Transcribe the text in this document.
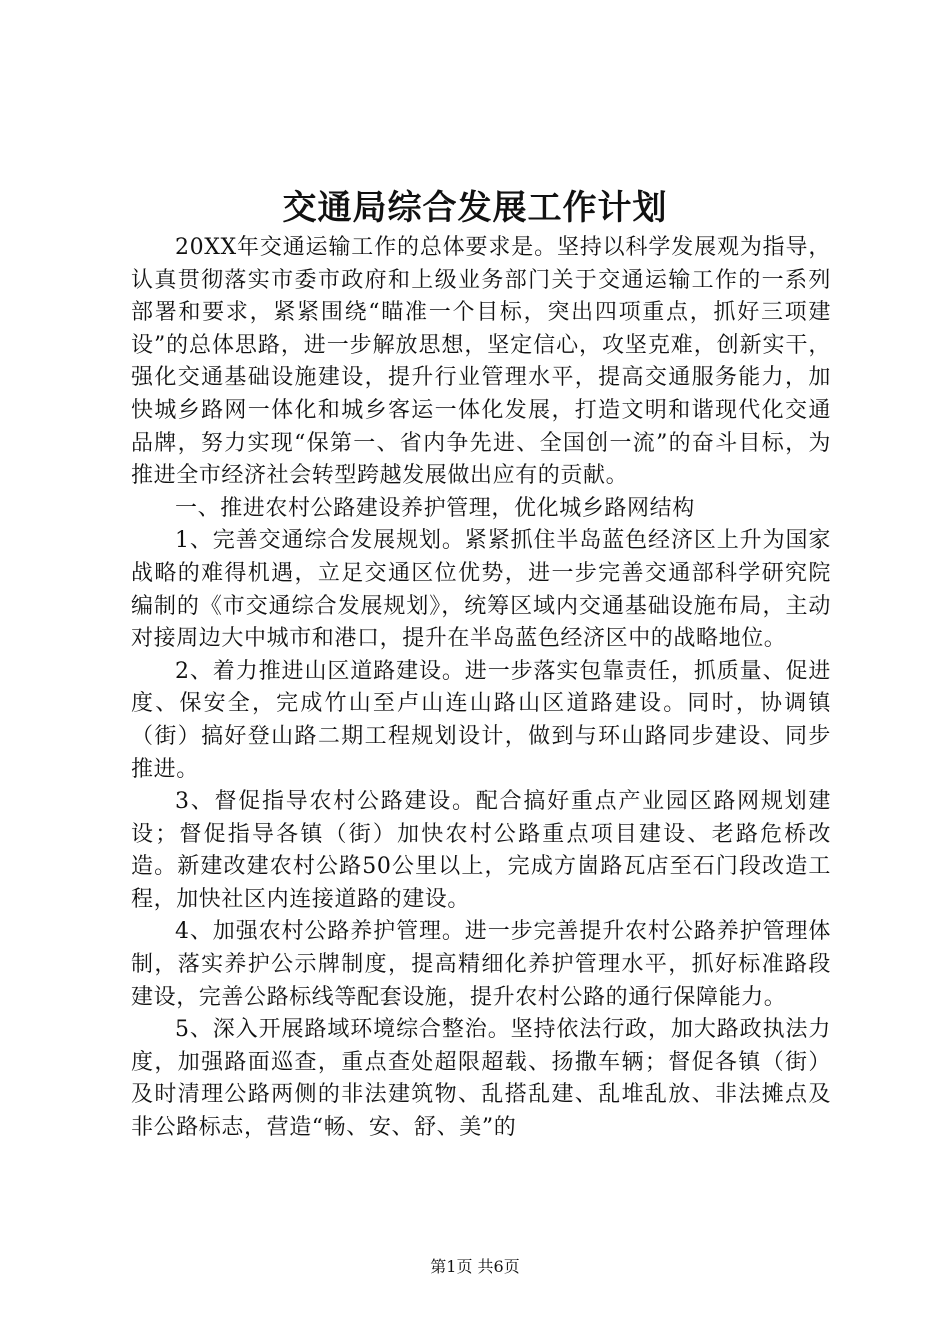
交通局综合发展工作计划

20XX年交通运输工作的总体要求是。坚持以科学发展观为指导，认真贯彻落实市委市政府和上级业务部门关于交通运输工作的一系列部署和要求，紧紧围绕“瞄准一个目标，突出四项重点，抓好三项建设”的总体思路，进一步解放思想，坚定信心，攻坚克难，创新实干，强化交通基础设施建设，提升行业管理水平，提高交通服务能力，加快城乡路网一体化和城乡客运一体化发展，打造文明和谐现代化交通品牌，努力实现“保第一、省内争先进、全国创一流”的奋斗目标，为推进全市经济社会转型跨越发展做出应有的贡献。

一、推进农村公路建设养护管理，优化城乡路网结构

1、完善交通综合发展规划。紧紧抓住半岛蓝色经济区上升为国家战略的难得机遇，立足交通区位优势，进一步完善交通部科学研究院编制的《市交通综合发展规划》，统筹区域内交通基础设施布局，主动对接周边大中城市和港口，提升在半岛蓝色经济区中的战略地位。

2、着力推进山区道路建设。进一步落实包靠责任，抓质量、促进度、保安全，完成竹山至卢山连山路山区道路建设。同时，协调镇（街）搞好登山路二期工程规划设计，做到与环山路同步建设、同步推进。

3、督促指导农村公路建设。配合搞好重点产业园区路网规划建设；督促指导各镇（街）加快农村公路重点项目建设、老路危桥改造。新建改建农村公路50公里以上，完成方崮路瓦店至石门段改造工程，加快社区内连接道路的建设。

4、加强农村公路养护管理。进一步完善提升农村公路养护管理体制，落实养护公示牌制度，提高精细化养护管理水平，抓好标准路段建设，完善公路标线等配套设施，提升农村公路的通行保障能力。

5、深入开展路域环境综合整治。坚持依法行政，加大路政执法力度，加强路面巡查，重点查处超限超载、扬撒车辆；督促各镇（街）及时清理公路两侧的非法建筑物、乱搭乱建、乱堆乱放、非法摊点及非公路标志，营造“畅、安、舒、美”的

第1页 共6页
